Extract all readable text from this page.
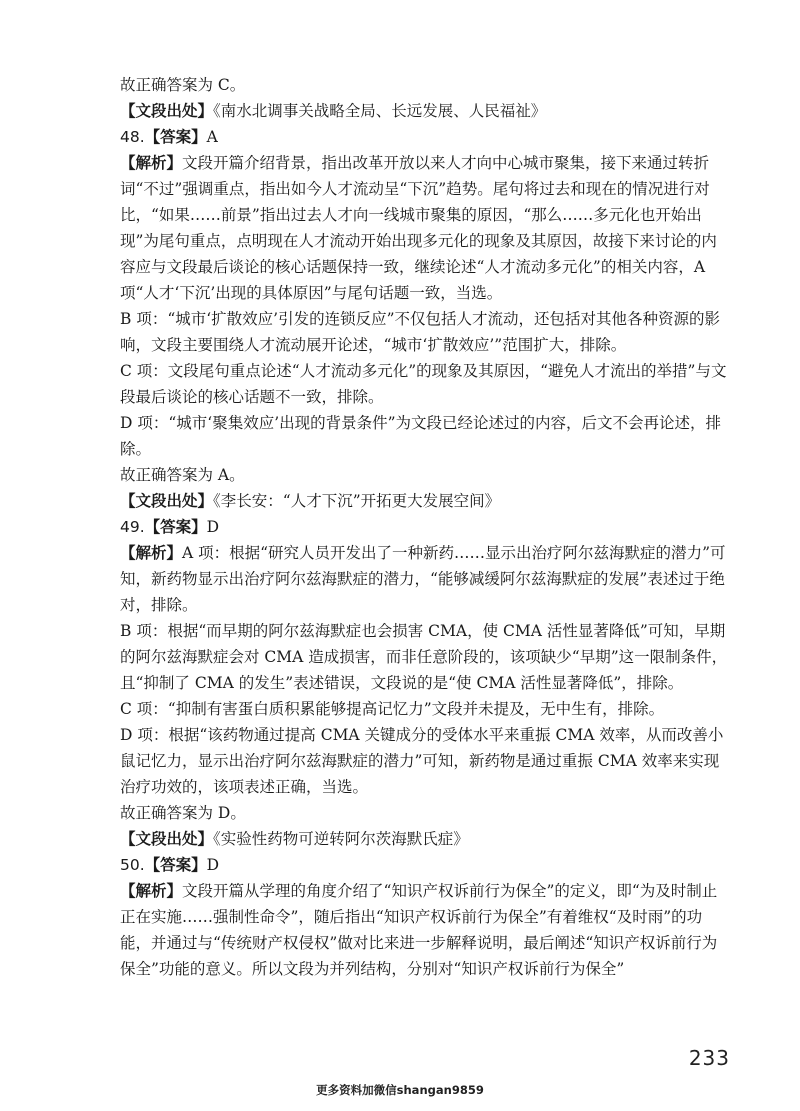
故正确答案为 C。

【文段出处】《南水北调事关战略全局、长远发展、人民福祉》

48.【答案】A

【解析】文段开篇介绍背景，指出改革开放以来人才向中心城市聚集，接下来通过转折词“不过”强调重点，指出如今人才流动呈“下沉”趋势。尾句将过去和现在的情况进行对比，“如果……前景”指出过去人才向一线城市聚集的原因，“那么……多元化也开始出现”为尾句重点，点明现在人才流动开始出现多元化的现象及其原因，故接下来讨论的内容应与文段最后谈论的核心话题保持一致，继续论述“人才流动多元化”的相关内容，A 项“人才‘下沉’出现的具体原因”与尾句话题一致，当选。

B 项：“城市‘扩散效应’引发的连锁反应”不仅包括人才流动，还包括对其他各种资源的影响，文段主要围绕人才流动展开论述，“城市‘扩散效应’”范围扩大，排除。

C 项：文段尾句重点论述“人才流动多元化”的现象及其原因，“避免人才流出的举措”与文段最后谈论的核心话题不一致，排除。

D 项：“城市‘聚集效应’出现的背景条件”为文段已经论述过的内容，后文不会再论述，排除。

故正确答案为 A。

【文段出处】《李长安：“人才下沉”开拓更大发展空间》

49.【答案】D

【解析】A 项：根据“研究人员开发出了一种新药……显示出治疗阿尔兹海默症的潜力”可知，新药物显示出治疗阿尔兹海默症的潜力，“能够减缓阿尔兹海默症的发展”表述过于绝对，排除。

B 项：根据“而早期的阿尔兹海默症也会损害 CMA，使 CMA 活性显著降低”可知，早期的阿尔兹海默症会对 CMA 造成损害，而非任意阶段的，该项缺少“早期”这一限制条件，且“抑制了 CMA 的发生”表述错误，文段说的是“使 CMA 活性显著降低”，排除。

C 项：“抑制有害蛋白质积累能够提高记忆力”文段并未提及，无中生有，排除。

D 项：根据“该药物通过提高 CMA 关键成分的受体水平来重振 CMA 效率，从而改善小鼠记忆力，显示出治疗阿尔兹海默症的潜力”可知，新药物是通过重振 CMA 效率来实现治疗功效的，该项表述正确，当选。

故正确答案为 D。

【文段出处】《实验性药物可逆转阿尔茨海默氏症》

50.【答案】D

【解析】文段开篇从学理的角度介绍了“知识产权诉前行为保全”的定义，即“为及时制止正在实施……强制性命令”，随后指出“知识产权诉前行为保全”有着维权“及时雨”的功能，并通过与“传统财产权侵权”做对比来进一步解释说明，最后阐述“知识产权诉前行为保全”功能的意义。所以文段为并列结构，分别对“知识产权诉前行为保全”

233
更多资料加微信shangan9859
